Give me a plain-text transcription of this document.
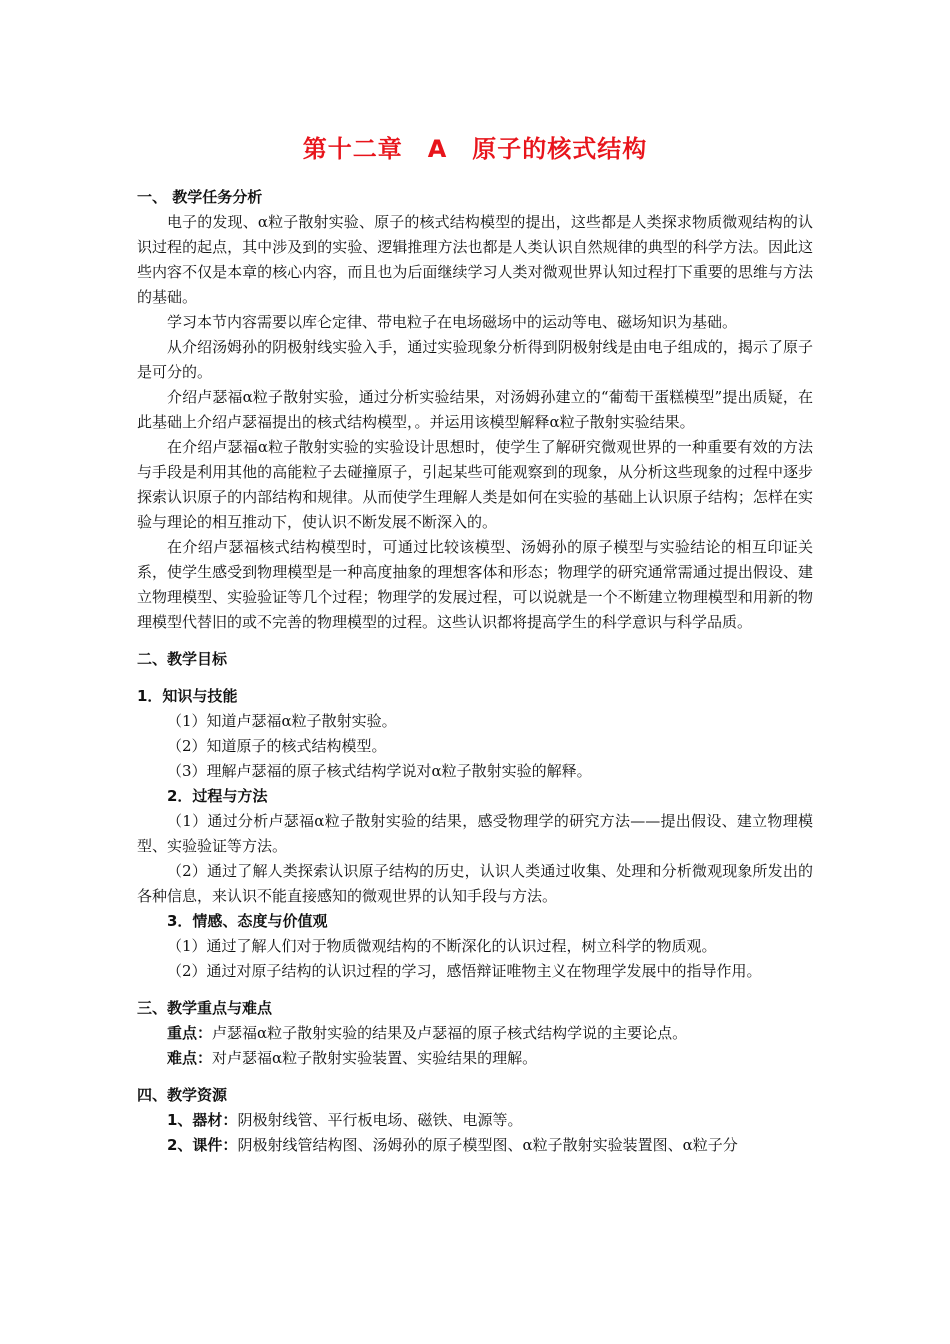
第十二章　A　原子的核式结构
一、 教学任务分析
电子的发现、α粒子散射实验、原子的核式结构模型的提出，这些都是人类探求物质微观结构的认识过程的起点，其中涉及到的实验、逻辑推理方法也都是人类认识自然规律的典型的科学方法。因此这些内容不仅是本章的核心内容，而且也为后面继续学习人类对微观世界认知过程打下重要的思维与方法的基础。
学习本节内容需要以库仑定律、带电粒子在电场磁场中的运动等电、磁场知识为基础。
从介绍汤姆孙的阴极射线实验入手，通过实验现象分析得到阴极射线是由电子组成的，揭示了原子是可分的。
介绍卢瑟福α粒子散射实验，通过分析实验结果，对汤姆孙建立的“葡萄干蛋糕模型”提出质疑，在此基础上介绍卢瑟福提出的核式结构模型，。并运用该模型解释α粒子散射实验结果。
在介绍卢瑟福α粒子散射实验的实验设计思想时，使学生了解研究微观世界的一种重要有效的方法与手段是利用其他的高能粒子去碰撞原子，引起某些可能观察到的现象，从分析这些现象的过程中逐步探索认识原子的内部结构和规律。从而使学生理解人类是如何在实验的基础上认识原子结构；怎样在实验与理论的相互推动下，使认识不断发展不断深入的。
在介绍卢瑟福核式结构模型时，可通过比较该模型、汤姆孙的原子模型与实验结论的相互印证关系，使学生感受到物理模型是一种高度抽象的理想客体和形态；物理学的研究通常需通过提出假设、建立物理模型、实验验证等几个过程；物理学的发展过程，可以说就是一个不断建立物理模型和用新的物理模型代替旧的或不完善的物理模型的过程。这些认识都将提高学生的科学意识与科学品质。
二、教学目标
1．知识与技能
（1）知道卢瑟福α粒子散射实验。
（2）知道原子的核式结构模型。
（3）理解卢瑟福的原子核式结构学说对α粒子散射实验的解释。
2．过程与方法
（1）通过分析卢瑟福α粒子散射实验的结果，感受物理学的研究方法——提出假设、建立物理模型、实验验证等方法。
（2）通过了解人类探索认识原子结构的历史，认识人类通过收集、处理和分析微观现象所发出的各种信息，来认识不能直接感知的微观世界的认知手段与方法。
3．情感、态度与价值观
（1）通过了解人们对于物质微观结构的不断深化的认识过程，树立科学的物质观。
（2）通过对原子结构的认识过程的学习，感悟辩证唯物主义在物理学发展中的指导作用。
三、教学重点与难点
重点：卢瑟福α粒子散射实验的结果及卢瑟福的原子核式结构学说的主要论点。
难点：对卢瑟福α粒子散射实验装置、实验结果的理解。
四、教学资源
1、器材：阴极射线管、平行板电场、磁铁、电源等。
2、课件：阴极射线管结构图、汤姆孙的原子模型图、α粒子散射实验装置图、α粒子分
